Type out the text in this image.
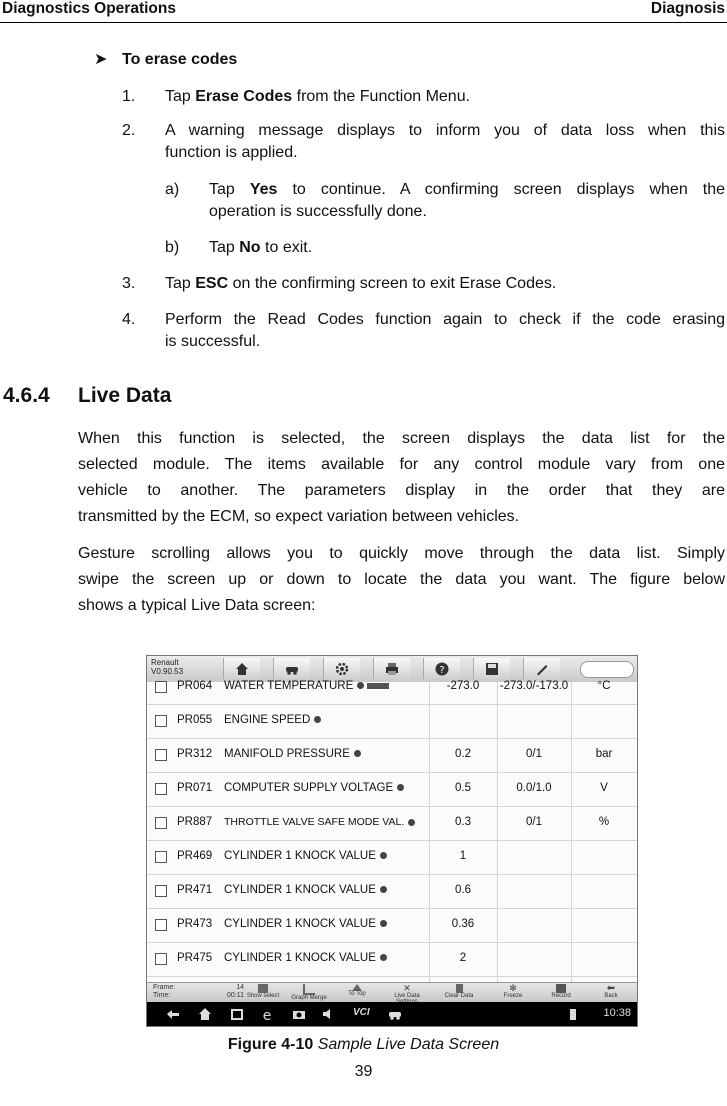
Diagnostics Operations	Diagnosis
➤ To erase codes
1. Tap Erase Codes from the Function Menu.
2. A warning message displays to inform you of data loss when this
function is applied.
a) Tap Yes to continue. A confirming screen displays when the
operation is successfully done.
b) Tap No to exit.
3. Tap ESC on the confirming screen to exit Erase Codes.
4. Perform the Read Codes function again to check if the code erasing
is successful.
4.6.4 Live Data
When this function is selected, the screen displays the data list for the
selected module. The items available for any control module vary from one
vehicle to another. The parameters display in the order that they are
transmitted by the ECM, so expect variation between vehicles.
Gesture scrolling allows you to quickly move through the data list. Simply
swipe the screen up or down to locate the data you want. The figure below
shows a typical Live Data screen:
Renault
V0.90.53	?
PR064 WATER TEMPERATURE	-273.0	-273.0/-173.0	°C
PR055 ENGINE SPEED
PR312 MANIFOLD PRESSURE	0.2	0/1	bar
PR071 COMPUTER SUPPLY VOLTAGE	0.5	0.0/1.0	V
PR887 THROTTLE VALVE SAFE MODE VAL.	0.3	0/1	%
PR469 CYLINDER 1 KNOCK VALUE	1
PR471 CYLINDER 1 KNOCK VALUE	0.6
PR473 CYLINDER 1 KNOCK VALUE	0.36
PR475 CYLINDER 1 KNOCK VALUE	2
Frame:
Time:
14
00:11 Show select	Graph Merge
To Top
✕
Live Data	Clear Data
✻
Freeze	Record
⬅
Back
e	VCI	10:38
Figure 4-10 Sample Live Data Screen
39
